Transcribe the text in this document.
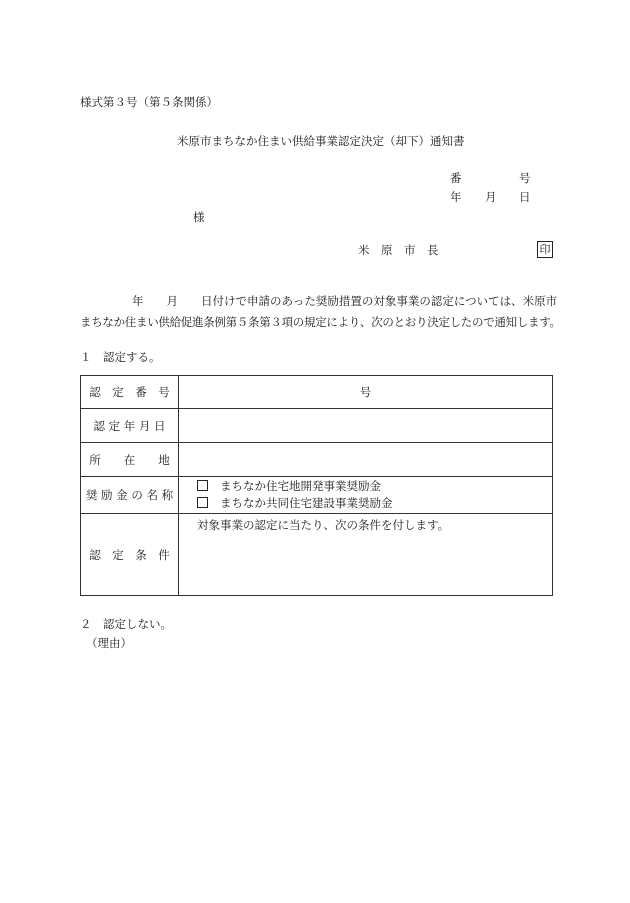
様式第３号（第５条関係）
米原市まちなか住まい供給事業認定決定（却下）通知書
番	号
年 月 日
様
米　原　市　長	印
年　　月　　日付けで申請のあった奨励措置の対象事業の認定については、米原市
まちなか住まい供給促進条例第５条第３項の規定により、次のとおり決定したので通知します。
１　認定する。
認　定　番　号	号
認 定 年 月 日	
所　　在　　地	
奨 励 金 の 名 称	まちなか住宅地開発事業奨励金
まちなか共同住宅建設事業奨励金

認　定　条　件	対象事業の認定に当たり、次の条件を付します。
２　認定しない。
（理由）
